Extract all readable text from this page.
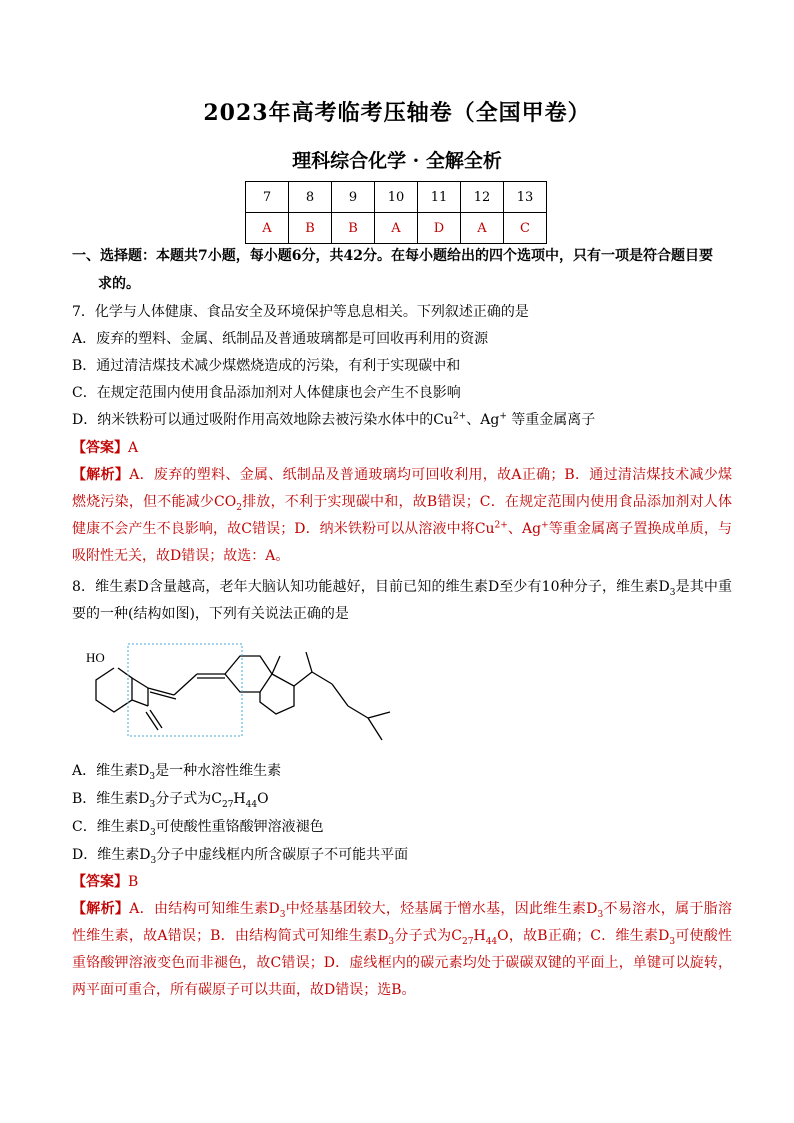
2023年高考临考压轴卷（全国甲卷）
理科综合化学 · 全解全析
7	8	9	10	11	12	13
A	B	B	A	D	A	C
一、选择题：本题共7小题，每小题6分，共42分。在每小题给出的四个选项中，只有一项是符合题目要
求的。
7．化学与人体健康、食品安全及环境保护等息息相关。下列叙述正确的是
A．废弃的塑料、金属、纸制品及普通玻璃都是可回收再利用的资源
B．通过清洁煤技术减少煤燃烧造成的污染，有利于实现碳中和
C．在规定范围内使用食品添加剂对人体健康也会产生不良影响
D．纳米铁粉可以通过吸附作用高效地除去被污染水体中的$Cu^{2+}$、Ag+ 等重金属离子
【答案】A
【解析】A．废弃的塑料、金属、纸制品及普通玻璃均可回收利用，故A正确；B．通过清洁煤技术减少煤燃烧污染，但不能减少$CO_2$排放，不利于实现碳中和，故B错误；C．在规定范围内使用食品添加剂对人体健康不会产生不良影响，故C错误；D．纳米铁粉可以从溶液中将$Cu^{2+}$、Ag+等重金属离子置换成单质，与吸附性无关，故D错误；故选：A。
8．维生素D含量越高，老年大脑认知功能越好，目前已知的维生素D至少有10种分子，维生素$D_3$是其中重要的一种(结构如图)，下列有关说法正确的是
HO
A．维生素$D_3$是一种水溶性维生素
B．维生素$D_3$分子式为$C_{27}H_{44}O$
C．维生素$D_3$可使酸性重铬酸钾溶液褪色
D．维生素$D_3$分子中虚线框内所含碳原子不可能共平面
【答案】B
【解析】A．由结构可知维生素$D_3$中烃基基团较大，烃基属于憎水基，因此维生素$D_3$不易溶水，属于脂溶性维生素，故A错误；B．由结构简式可知维生素$D_3$分子式为$C_{27}H_{44}O$，故B正确；C．维生素$D_3$可使酸性重铬酸钾溶液变色而非褪色，故C错误；D．虚线框内的碳元素均处于碳碳双键的平面上，单键可以旋转，两平面可重合，所有碳原子可以共面，故D错误；选B。
